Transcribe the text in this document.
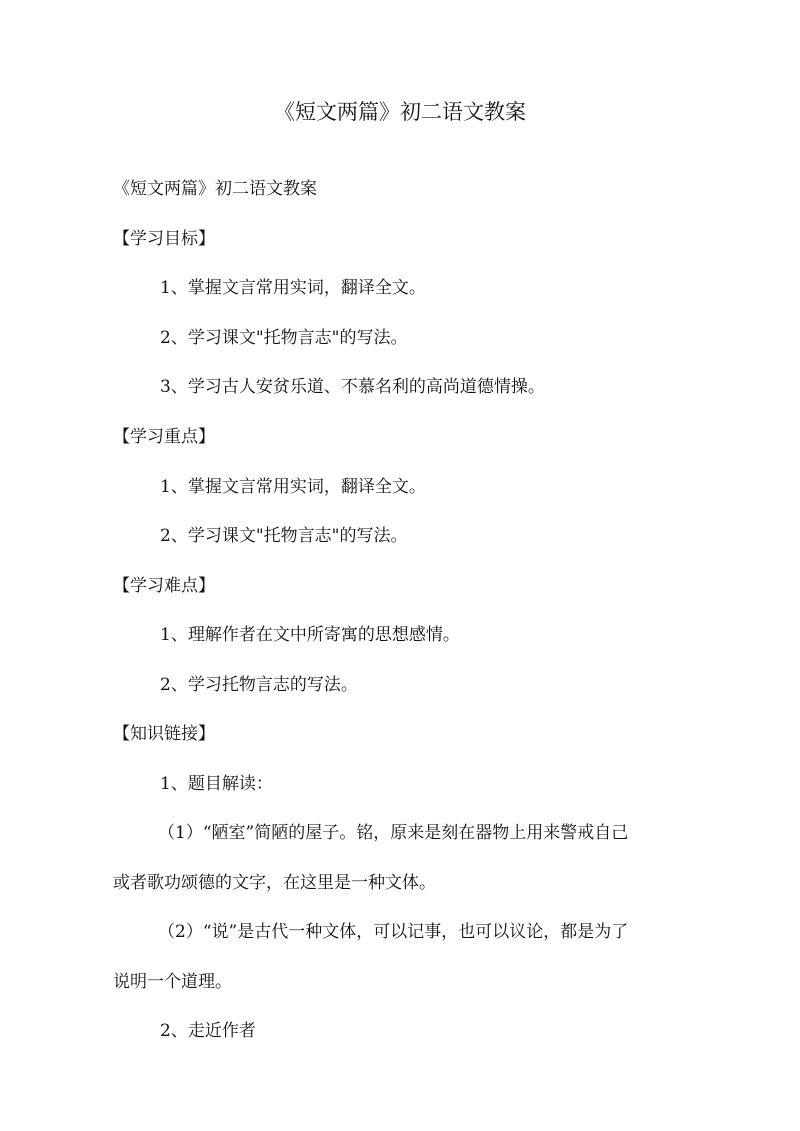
《短文两篇》初二语文教案
《短文两篇》初二语文教案
【学习目标】
1、掌握文言常用实词，翻译全文。
2、学习课文"托物言志"的写法。
3、学习古人安贫乐道、不慕名利的高尚道德情操。
【学习重点】
1、掌握文言常用实词，翻译全文。
2、学习课文"托物言志"的写法。
【学习难点】
1、理解作者在文中所寄寓的思想感情。
2、学习托物言志的写法。
【知识链接】
1、题目解读：
（1）“陋室”简陋的屋子。铭，原来是刻在器物上用来警戒自己
或者歌功颂德的文字，在这里是一种文体。
（2）“说”是古代一种文体，可以记事，也可以议论，都是为了
说明一个道理。
2、走近作者
